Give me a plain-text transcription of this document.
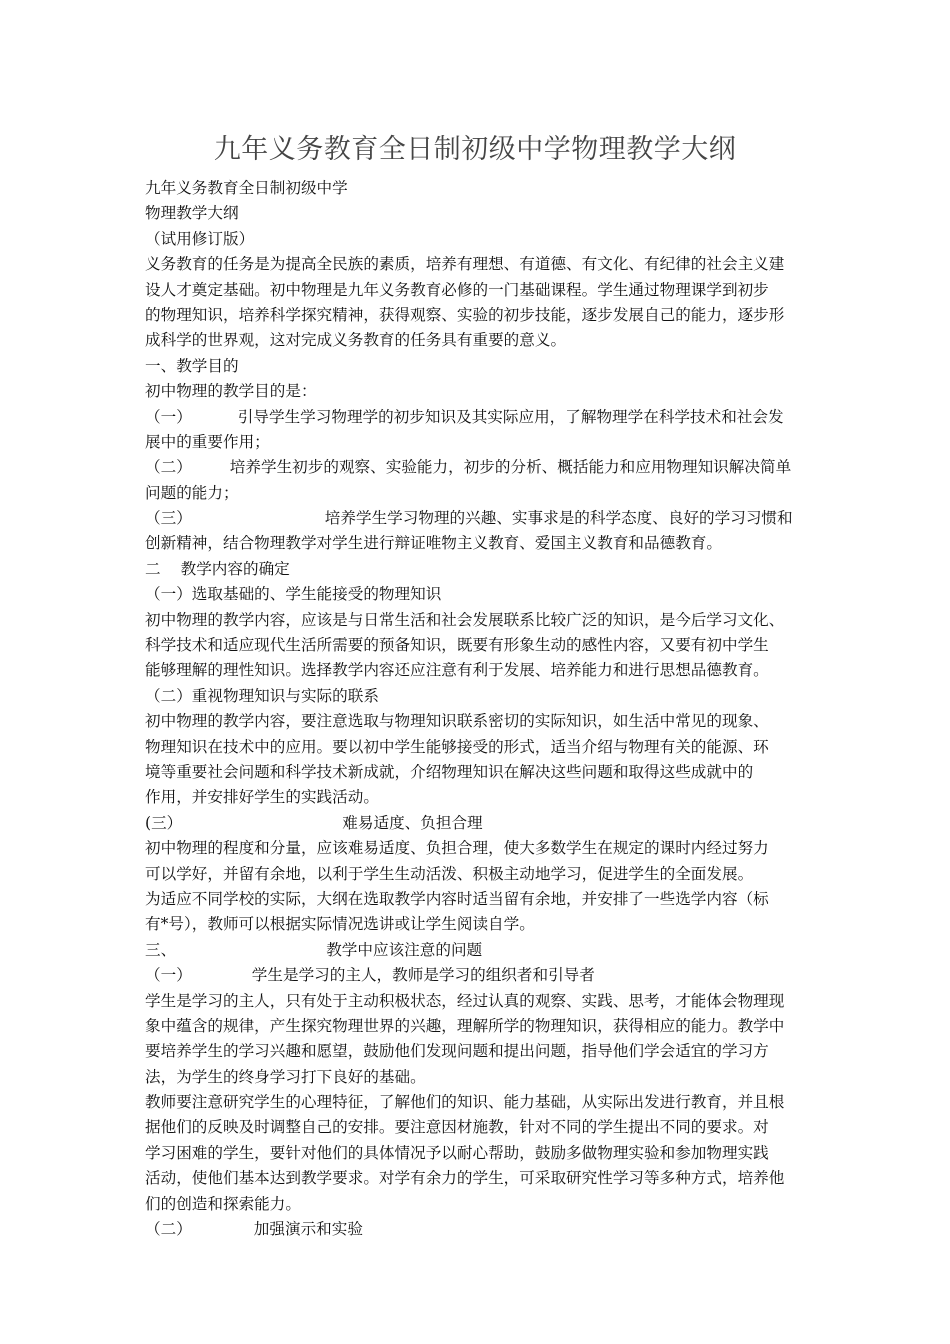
九年义务教育全日制初级中学物理教学大纲
九年义务教育全日制初级中学
物理教学大纲
（试用修订版）
义务教育的任务是为提高全民族的素质，培养有理想、有道德、有文化、有纪律的社会主义建
设人才奠定基础。初中物理是九年义务教育必修的一门基础课程。学生通过物理课学到初步
的物理知识，培养科学探究精神，获得观察、实验的初步技能，逐步发展自己的能力，逐步形
成科学的世界观，这对完成义务教育的任务具有重要的意义。
一、教学目的
初中物理的教学目的是：
（一）	引导学生学习物理学的初步知识及其实际应用，了解物理学在科学技术和社会发
展中的重要作用；
（二） 培养学生初步的观察、实验能力，初步的分析、概括能力和应用物理知识解决简单
问题的能力；
（三）	培养学生学习物理的兴趣、实事求是的科学态度、良好的学习习惯和
创新精神，结合物理教学对学生进行辩证唯物主义教育、爱国主义教育和品德教育。
二 教学内容的确定
（一）选取基础的、学生能接受的物理知识
初中物理的教学内容，应该是与日常生活和社会发展联系比较广泛的知识，是今后学习文化、
科学技术和适应现代生活所需要的预备知识，既要有形象生动的感性内容，又要有初中学生
能够理解的理性知识。选择教学内容还应注意有利于发展、培养能力和进行思想品德教育。
（二）重视物理知识与实际的联系
初中物理的教学内容，要注意选取与物理知识联系密切的实际知识，如生活中常见的现象、
物理知识在技术中的应用。要以初中学生能够接受的形式，适当介绍与物理有关的能源、环
境等重要社会问题和科学技术新成就，介绍物理知识在解决这些问题和取得这些成就中的
作用，并安排好学生的实践活动。
(三）	难易适度、负担合理
初中物理的程度和分量，应该难易适度、负担合理，使大多数学生在规定的课时内经过努力
可以学好，并留有余地，以利于学生生动活泼、积极主动地学习，促进学生的全面发展。
为适应不同学校的实际，大纲在选取教学内容时适当留有余地，并安排了一些选学内容（标
有*号），教师可以根据实际情况选讲或让学生阅读自学。
三、	教学中应该注意的问题
（一）	学生是学习的主人，教师是学习的组织者和引导者
学生是学习的主人，只有处于主动积极状态，经过认真的观察、实践、思考，才能体会物理现
象中蕴含的规律，产生探究物理世界的兴趣，理解所学的物理知识，获得相应的能力。教学中
要培养学生的学习兴趣和愿望，鼓励他们发现问题和提出问题，指导他们学会适宜的学习方
法，为学生的终身学习打下良好的基础。
教师要注意研究学生的心理特征，了解他们的知识、能力基础，从实际出发进行教育，并且根
据他们的反映及时调整自己的安排。要注意因材施教，针对不同的学生提出不同的要求。对
学习困难的学生，要针对他们的具体情况予以耐心帮助，鼓励多做物理实验和参加物理实践
活动，使他们基本达到教学要求。对学有余力的学生，可采取研究性学习等多种方式，培养他
们的创造和探索能力。
（二）	加强演示和实验
